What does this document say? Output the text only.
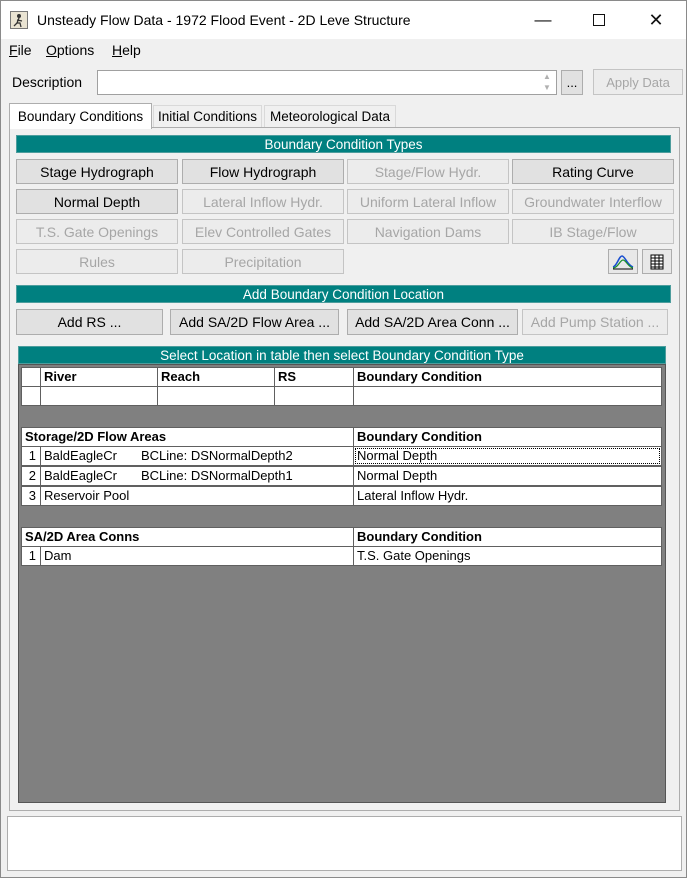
Unsteady Flow Data - 1972 Flood Event - 2D Leve Structure	—	✕
File Options Help
Description	▲
▼	...	Apply Data
Boundary Conditions	Initial Conditions Meteorological Data
Boundary Condition Types
Stage Hydrograph	Flow Hydrograph	Stage/Flow Hydr.	Rating Curve
Normal Depth	Lateral Inflow Hydr.	Uniform Lateral Inflow	Groundwater Interflow
T.S. Gate Openings	Elev Controlled Gates	Navigation Dams	IB Stage/Flow
Rules	Precipitation
Add Boundary Condition Location
Add RS ...	Add SA/2D Flow Area ...	Add SA/2D Area Conn ...	Add Pump Station ...
Select Location in table then select Boundary Condition Type
River	Reach	RS	Boundary Condition
Storage/2D Flow Areas	Boundary Condition
1 BaldEagleCr BCLine: DSNormalDepth2	Normal Depth
2 BaldEagleCr BCLine: DSNormalDepth1	Normal Depth
3 Reservoir Pool	Lateral Inflow Hydr.
SA/2D Area Conns	Boundary Condition
1 Dam	T.S. Gate Openings
